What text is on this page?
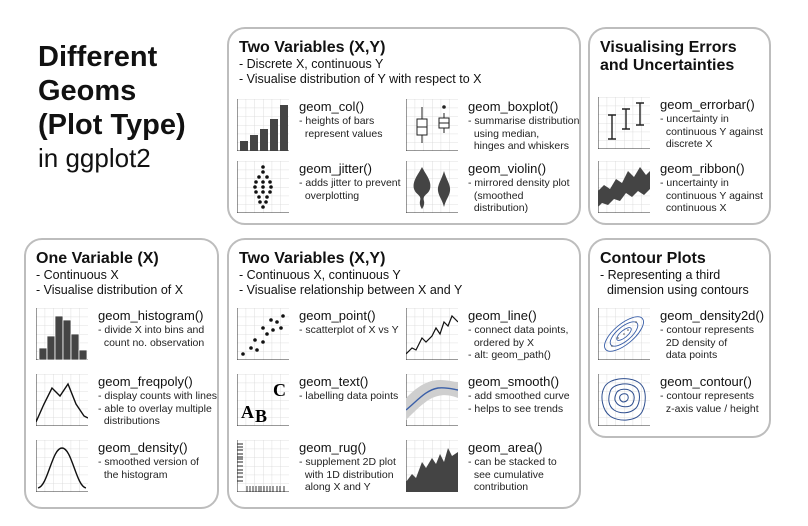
Different
Geoms
(Plot Type)
in ggplot2
Two Variables (X,Y)
- Discrete X, continuous Y
- Visualise distribution of Y with respect to X
geom_col()
- heights of bars
represent values
geom_boxplot()
- summarise distribution
using median,
hinges and whiskers
geom_jitter()
- adds jitter to prevent
overplotting
geom_violin()
- mirrored density plot
(smoothed
distribution)
Visualising Errors
and Uncertainties
geom_errorbar()
- uncertainty in
continuous Y against
discrete X
geom_ribbon()
- uncertainty in
continuous Y against
continuous X
One Variable (X)
- Continuous X
- Visualise distribution of X
geom_histogram()
- divide X into bins and
count no. observation
geom_freqpoly()
- display counts with lines
- able to overlay multiple
distributions
geom_density()
- smoothed version of
the histogram
Two Variables (X,Y)
- Continuous X, continuous Y
- Visualise relationship between X and Y
geom_point()
- scatterplot of X vs Y
geom_line()
- connect data points,
ordered by X
- alt: geom_path()
A B
C geom_text()
- labelling data points
geom_smooth()
- add smoothed curve
- helps to see trends
geom_rug()
- supplement 2D plot
with 1D distribution
along X and Y
geom_area()
- can be stacked to
see cumulative
contribution
Contour Plots
- Representing a third
dimension using contours
geom_density2d()
- contour represents
2D density of
data points
geom_contour()
- contour represents
z-axis value / height
